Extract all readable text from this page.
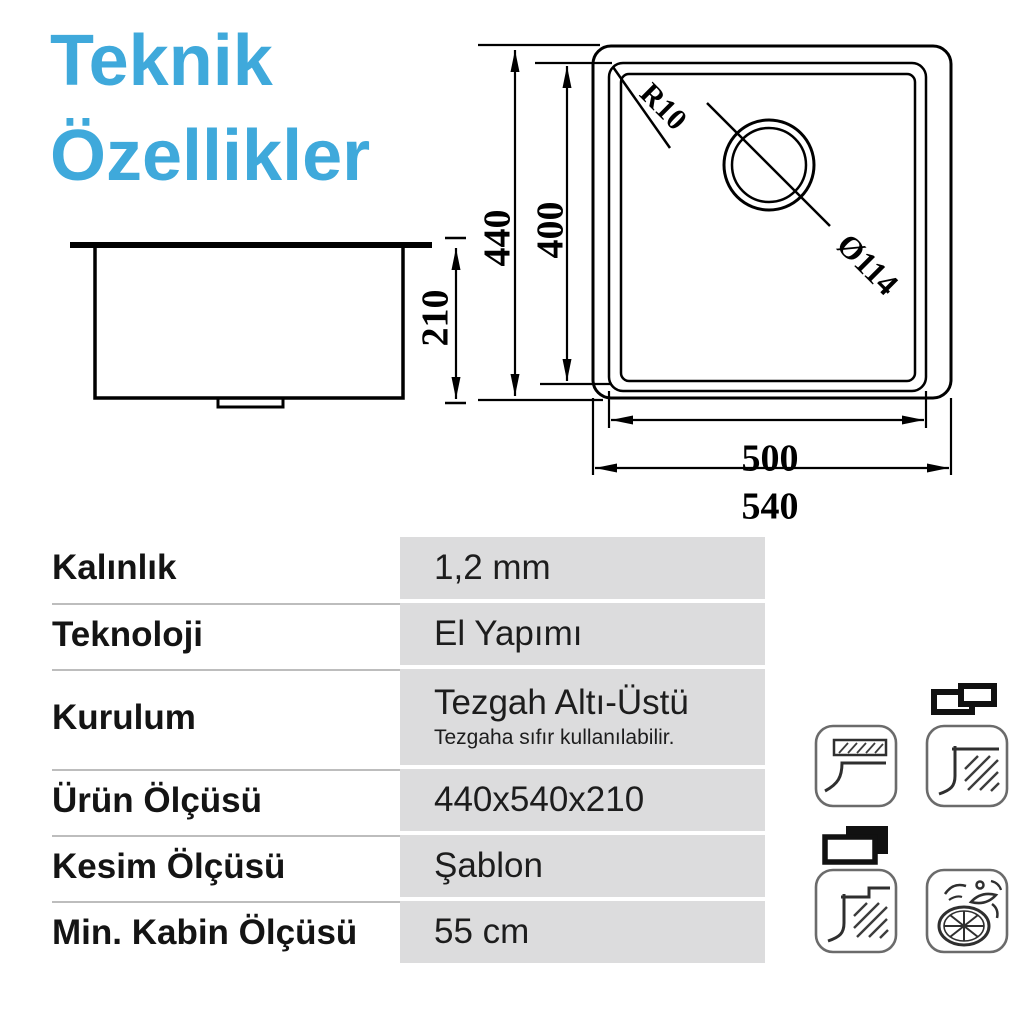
Teknik Özellikler
210
Ø114
R10
440 400
500
540
Kalınlık	1,2 mm
Teknoloji	El Yapımı
Kurulum	Tezgah Altı-Üstü
Tezgaha sıfır kullanılabilir.
Ürün Ölçüsü	440x540x210
Kesim Ölçüsü	Şablon
Min. Kabin Ölçüsü	55 cm
